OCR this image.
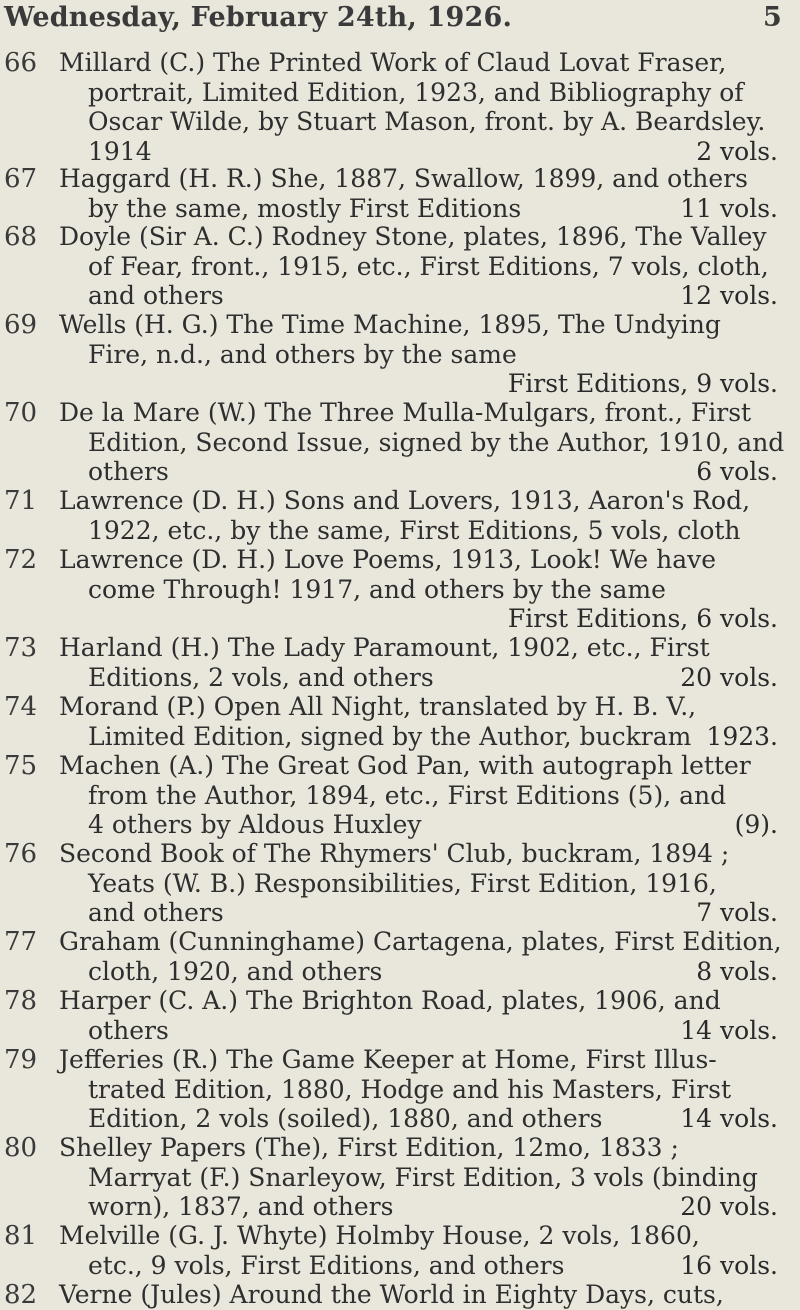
Wednesday, February 24th, 1926.	5
66 Millard (C.) The Printed Work of Claud Lovat Fraser,
portrait, Limited Edition, 1923, and Bibliography of
Oscar Wilde, by Stuart Mason, front. by A. Beardsley.
1914	2 vols.
67 Haggard (H. R.) She, 1887, Swallow, 1899, and others
by the same, mostly First Editions	11 vols.
68 Doyle (Sir A. C.) Rodney Stone, plates, 1896, The Valley
of Fear, front., 1915, etc., First Editions, 7 vols, cloth,
and others	12 vols.
69 Wells (H. G.) The Time Machine, 1895, The Undying
Fire, n.d., and others by the same
First Editions, 9 vols.
70 De la Mare (W.) The Three Mulla-Mulgars, front., First
Edition, Second Issue, signed by the Author, 1910, and
others	6 vols.
71 Lawrence (D. H.) Sons and Lovers, 1913, Aaron's Rod,
1922, etc., by the same, First Editions, 5 vols, cloth
72 Lawrence (D. H.) Love Poems, 1913, Look! We have
come Through! 1917, and others by the same
First Editions, 6 vols.
73 Harland (H.) The Lady Paramount, 1902, etc., First
Editions, 2 vols, and others	20 vols.
74 Morand (P.) Open All Night, translated by H. B. V.,
Limited Edition, signed by the Author, buckram 1923.
75 Machen (A.) The Great God Pan, with autograph letter
from the Author, 1894, etc., First Editions (5), and
4 others by Aldous Huxley	(9).
76 Second Book of The Rhymers' Club, buckram, 1894 ;
Yeats (W. B.) Responsibilities, First Edition, 1916,
and others	7 vols.
77 Graham (Cunninghame) Cartagena, plates, First Edition,
cloth, 1920, and others	8 vols.
78 Harper (C. A.) The Brighton Road, plates, 1906, and
others	14 vols.
79 Jefferies (R.) The Game Keeper at Home, First Illus-
trated Edition, 1880, Hodge and his Masters, First
Edition, 2 vols (soiled), 1880, and others	14 vols.
80 Shelley Papers (The), First Edition, 12mo, 1833 ;
Marryat (F.) Snarleyow, First Edition, 3 vols (binding
worn), 1837, and others	20 vols.
81 Melville (G. J. Whyte) Holmby House, 2 vols, 1860,
etc., 9 vols, First Editions, and others	16 vols.
82 Verne (Jules) Around the World in Eighty Days, cuts,
